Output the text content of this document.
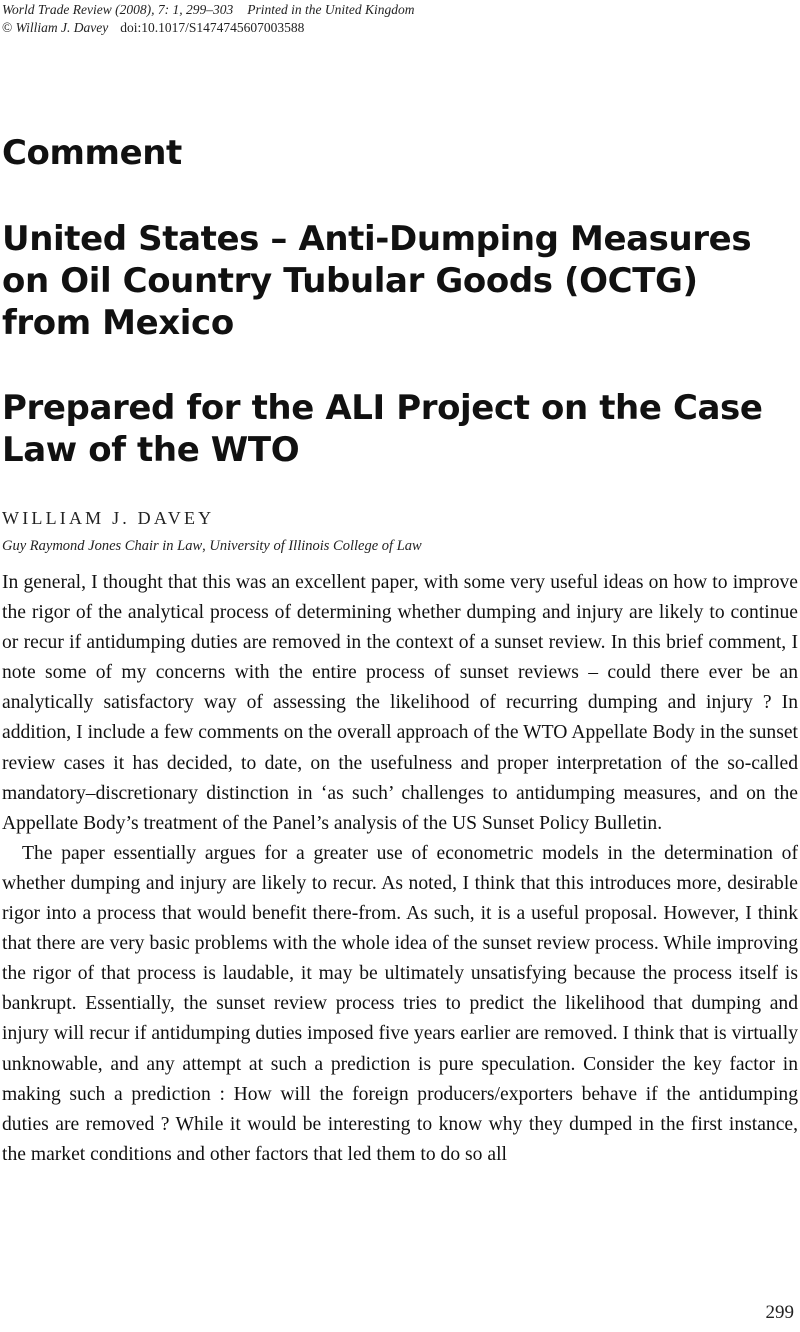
World Trade Review (2008), 7: 1, 299–303 Printed in the United Kingdom
© William J. Davey doi:10.1017/S1474745607003588
Comment
United States – Anti-Dumping Measures on Oil Country Tubular Goods (OCTG) from Mexico
Prepared for the ALI Project on the Case Law of the WTO
WILLIAM J. DAVEY
Guy Raymond Jones Chair in Law, University of Illinois College of Law

In general, I thought that this was an excellent paper, with some very useful ideas on how to improve the rigor of the analytical process of determining whether dumping and injury are likely to continue or recur if antidumping duties are removed in the context of a sunset review. In this brief comment, I note some of my concerns with the entire process of sunset reviews – could there ever be an analytically satisfactory way of assessing the likelihood of recurring dumping and injury ? In addition, I include a few comments on the overall approach of the WTO Appellate Body in the sunset review cases it has decided, to date, on the usefulness and proper interpretation of the so-called mandatory–discretionary distinction in ‘as such’ challenges to antidumping measures, and on the Appellate Body’s treatment of the Panel’s analysis of the US Sunset Policy Bulletin.

The paper essentially argues for a greater use of econometric models in the determination of whether dumping and injury are likely to recur. As noted, I think that this introduces more, desirable rigor into a process that would benefit there-from. As such, it is a useful proposal. However, I think that there are very basic problems with the whole idea of the sunset review process. While improving the rigor of that process is laudable, it may be ultimately unsatisfying because the process itself is bankrupt. Essentially, the sunset review process tries to predict the likelihood that dumping and injury will recur if antidumping duties imposed five years earlier are removed. I think that is virtually unknowable, and any attempt at such a prediction is pure speculation. Consider the key factor in making such a prediction : How will the foreign producers/exporters behave if the antidumping duties are removed ? While it would be interesting to know why they dumped in the first instance, the market conditions and other factors that led them to do so all

299
